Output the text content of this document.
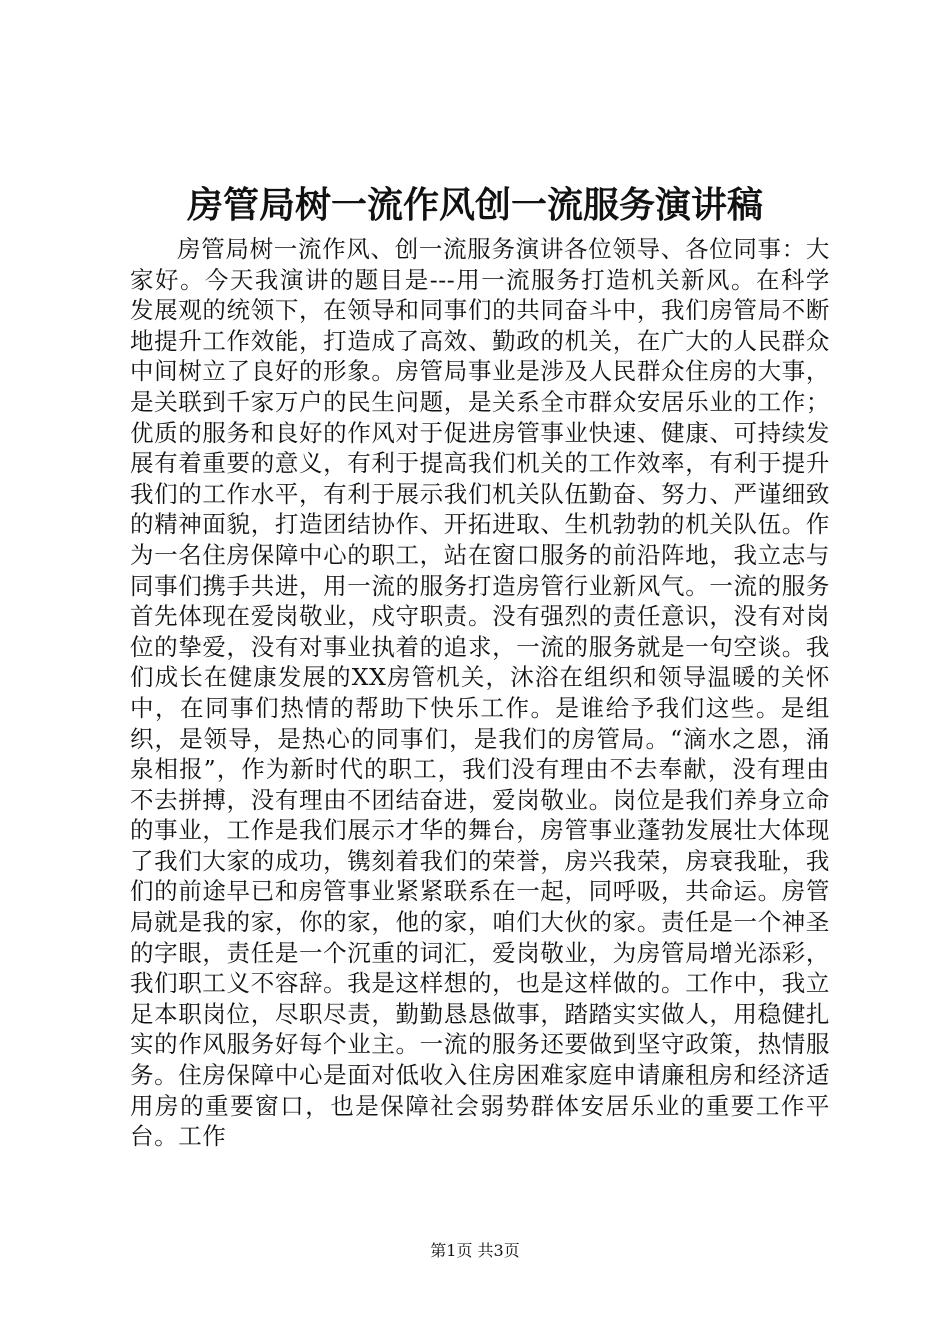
房管局树一流作风创一流服务演讲稿

房管局树一流作风、创一流服务演讲各位领导、各位同事：大家好。今天我演讲的题目是---用一流服务打造机关新风。在科学发展观的统领下，在领导和同事们的共同奋斗中，我们房管局不断地提升工作效能，打造成了高效、勤政的机关，在广大的人民群众中间树立了良好的形象。房管局事业是涉及人民群众住房的大事，是关联到千家万户的民生问题，是关系全市群众安居乐业的工作；优质的服务和良好的作风对于促进房管事业快速、健康、可持续发展有着重要的意义，有利于提高我们机关的工作效率，有利于提升我们的工作水平，有利于展示我们机关队伍勤奋、努力、严谨细致的精神面貌，打造团结协作、开拓进取、生机勃勃的机关队伍。作为一名住房保障中心的职工，站在窗口服务的前沿阵地，我立志与同事们携手共进，用一流的服务打造房管行业新风气。一流的服务首先体现在爱岗敬业，戍守职责。没有强烈的责任意识，没有对岗位的挚爱，没有对事业执着的追求，一流的服务就是一句空谈。我们成长在健康发展的XX房管机关，沐浴在组织和领导温暖的关怀中，在同事们热情的帮助下快乐工作。是谁给予我们这些。是组织，是领导，是热心的同事们，是我们的房管局。“滴水之恩，涌泉相报”，作为新时代的职工，我们没有理由不去奉献，没有理由不去拼搏，没有理由不团结奋进，爱岗敬业。岗位是我们养身立命的事业，工作是我们展示才华的舞台，房管事业蓬勃发展壮大体现了我们大家的成功，镌刻着我们的荣誉，房兴我荣，房衰我耻，我们的前途早已和房管事业紧紧联系在一起，同呼吸，共命运。房管局就是我的家，你的家，他的家，咱们大伙的家。责任是一个神圣的字眼，责任是一个沉重的词汇，爱岗敬业，为房管局增光添彩，我们职工义不容辞。我是这样想的，也是这样做的。工作中，我立足本职岗位，尽职尽责，勤勤恳恳做事，踏踏实实做人，用稳健扎实的作风服务好每个业主。一流的服务还要做到坚守政策，热情服务。住房保障中心是面对低收入住房困难家庭申请廉租房和经济适用房的重要窗口，也是保障社会弱势群体安居乐业的重要工作平台。工作

第1页 共3页
